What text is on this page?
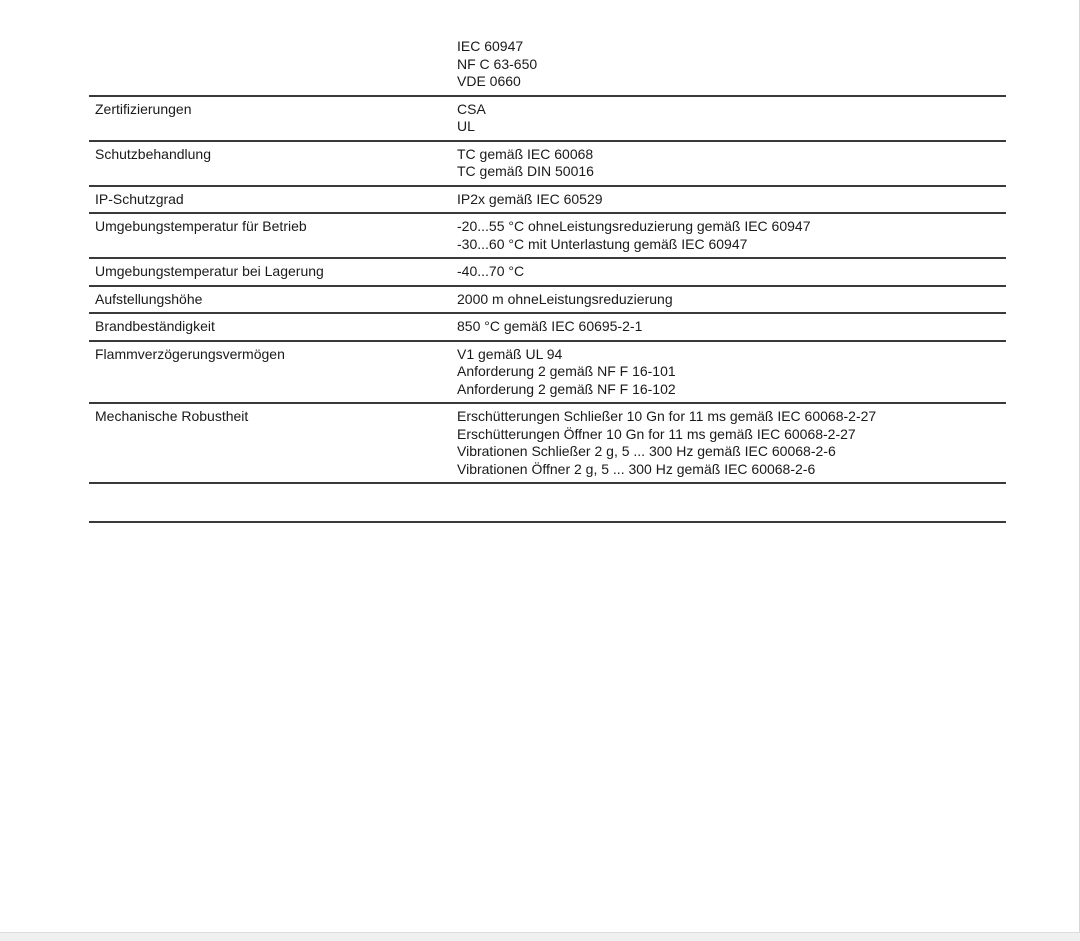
IEC 60947
NF C 63-650
VDE 0660
Zertifizierungen	CSA
UL
Schutzbehandlung	TC gemäß IEC 60068
TC gemäß DIN 50016
IP-Schutzgrad	IP2x gemäß IEC 60529
Umgebungstemperatur für Betrieb	-20...55 °C ohneLeistungsreduzierung gemäß IEC 60947
-30...60 °C mit Unterlastung gemäß IEC 60947
Umgebungstemperatur bei Lagerung	-40...70 °C
Aufstellungshöhe	2000 m ohneLeistungsreduzierung
Brandbeständigkeit	850 °C gemäß IEC 60695-2-1
Flammverzögerungsvermögen	V1 gemäß UL 94
Anforderung 2 gemäß NF F 16-101
Anforderung 2 gemäß NF F 16-102
Mechanische Robustheit	Erschütterungen Schließer 10 Gn for 11 ms gemäß IEC 60068-2-27
Erschütterungen Öffner 10 Gn for 11 ms gemäß IEC 60068-2-27
Vibrationen Schließer 2 g, 5 ... 300 Hz gemäß IEC 60068-2-6
Vibrationen Öffner 2 g, 5 ... 300 Hz gemäß IEC 60068-2-6
